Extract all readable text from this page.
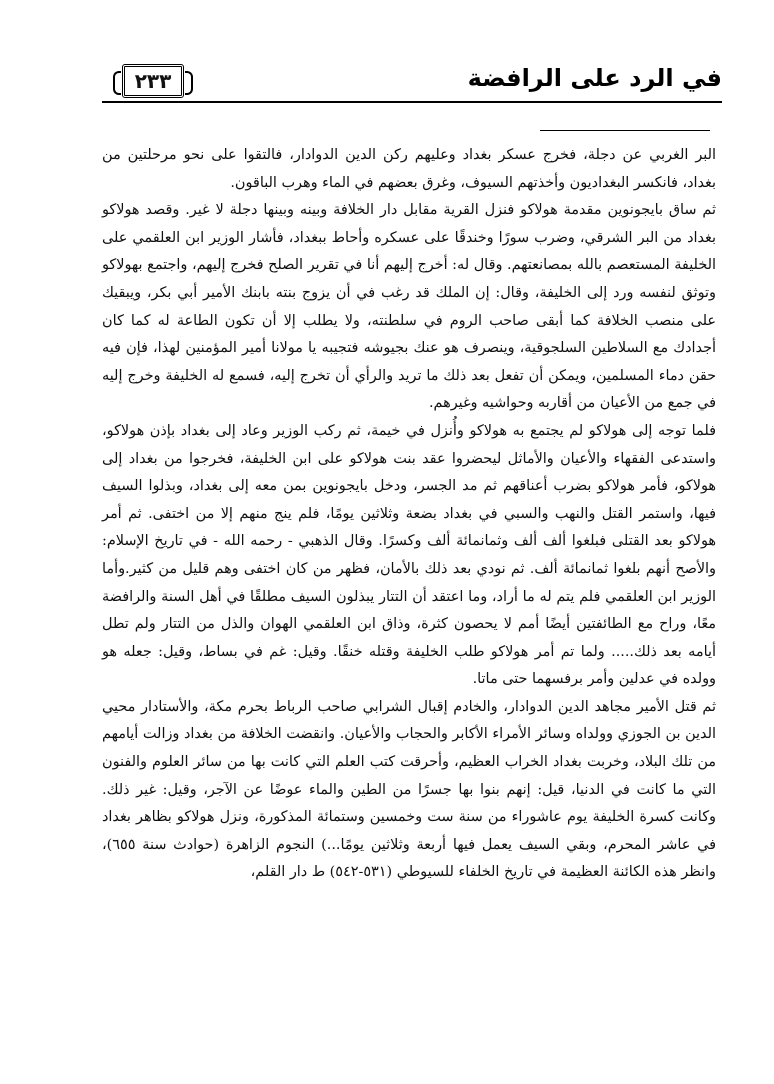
في الرد على الرافضة
٢٣٣

البر الغربي عن دجلة، فخرج عسكر بغداد وعليهم ركن الدين الدوادار، فالتقوا على نحو مرحلتين من بغداد، فانكسر البغداديون وأخذتهم السيوف، وغرق بعضهم في الماء وهرب الباقون.

ثم ساق بايجونوين مقدمة هولاكو فنزل القرية مقابل دار الخلافة وبينه وبينها دجلة لا غير. وقصد هولاكو بغداد من البر الشرقي، وضرب سورًا وخندقًا على عسكره وأحاط ببغداد، فأشار الوزير ابن العلقمي على الخليفة المستعصم بالله بمصانعتهم. وقال له: أخرج إليهم أنا في تقرير الصلح فخرج إليهم، واجتمع بهولاكو وتوثق لنفسه ورد إلى الخليفة، وقال: إن الملك قد رغب في أن يزوج بنته بابنك الأمير أبي بكر، ويبقيك على منصب الخلافة كما أبقى صاحب الروم في سلطنته، ولا يطلب إلا أن تكون الطاعة له كما كان أجدادك مع السلاطين السلجوقية، وينصرف هو عنك بجيوشه فتجيبه يا مولانا أمير المؤمنين لهذا، فإن فيه حقن دماء المسلمين، ويمكن أن تفعل بعد ذلك ما تريد والرأي أن تخرج إليه، فسمع له الخليفة وخرج إليه في جمع من الأعيان من أقاربه وحواشيه وغيرهم.

فلما توجه إلى هولاكو لم يجتمع به هولاكو وأُنزل في خيمة، ثم ركب الوزير وعاد إلى بغداد بإذن هولاكو، واستدعى الفقهاء والأعيان والأماثل ليحضروا عقد بنت هولاكو على ابن الخليفة، فخرجوا من بغداد إلى هولاكو، فأمر هولاكو بضرب أعناقهم ثم مد الجسر، ودخل بايجونوين بمن معه إلى بغداد، وبذلوا السيف فيها، واستمر القتل والنهب والسبي في بغداد بضعة وثلاثين يومًا، فلم ينج منهم إلا من اختفى. ثم أمر هولاكو بعد القتلى فبلغوا ألف ألف وثمانمائة ألف وكسرًا. وقال الذهبي - رحمه الله - في تاريخ الإسلام: والأصح أنهم بلغوا ثمانمائة ألف. ثم نودي بعد ذلك بالأمان، فظهر من كان اختفى وهم قليل من كثير.وأما الوزير ابن العلقمي فلم يتم له ما أراد، وما اعتقد أن التتار يبذلون السيف مطلقًا في أهل السنة والرافضة معًا، وراح مع الطائفتين أيضًا أمم لا يحصون كثرة، وذاق ابن العلقمي الهوان والذل من التتار ولم تطل أيامه بعد ذلك..... ولما تم أمر هولاكو طلب الخليفة وقتله خنقًا. وقيل: غم في بساط، وقيل: جعله هو وولده في عدلين وأمر برفسهما حتى ماتا.

ثم قتل الأمير مجاهد الدين الدوادار، والخادم إقبال الشرابي صاحب الرباط بحرم مكة، والأستادار محيي الدين بن الجوزي وولداه وسائر الأمراء الأكابر والحجاب والأعيان. وانقضت الخلافة من بغداد وزالت أيامهم من تلك البلاد، وخربت بغداد الخراب العظيم، وأحرقت كتب العلم التي كانت بها من سائر العلوم والفنون التي ما كانت في الدنيا، قيل: إنهم بنوا بها جسرًا من الطين والماء عوضًا عن الآجر، وقيل: غير ذلك. وكانت كسرة الخليفة يوم عاشوراء من سنة ست وخمسين وستمائة المذكورة، ونزل هولاكو بظاهر بغداد في عاشر المحرم، وبقي السيف يعمل فيها أربعة وثلاثين يومًا...) النجوم الزاهرة (حوادث سنة ٦٥٥)، وانظر هذه الكائنة العظيمة في تاريخ الخلفاء للسيوطي (٥٣١-٥٤٢) ط دار القلم،
